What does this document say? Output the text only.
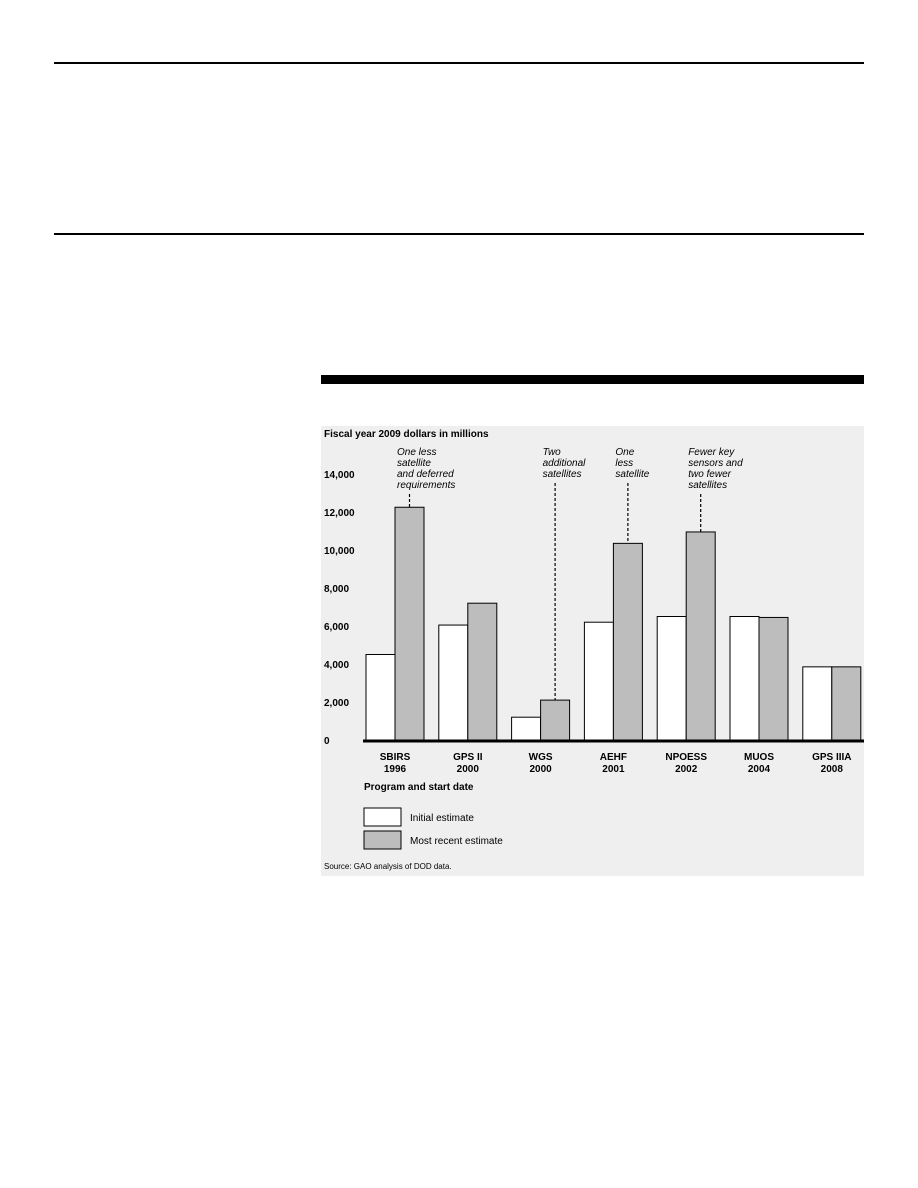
Fiscal year 2009 dollars in millions
0
2,000
4,000
6,000
8,000
10,000
12,000
14,000
One less
satellite
and deferred
requirements
Two
additional
satellites
One
less
satellite
Fewer key
sensors and
two fewer
satellites
SBIRS
1996
GPS II
2000
WGS
2000
AEHF
2001
NPOESS
2002
MUOS
2004
GPS IIIA
2008
Program and start date
Initial estimate
Most recent estimate
Source: GAO analysis of DOD data.
